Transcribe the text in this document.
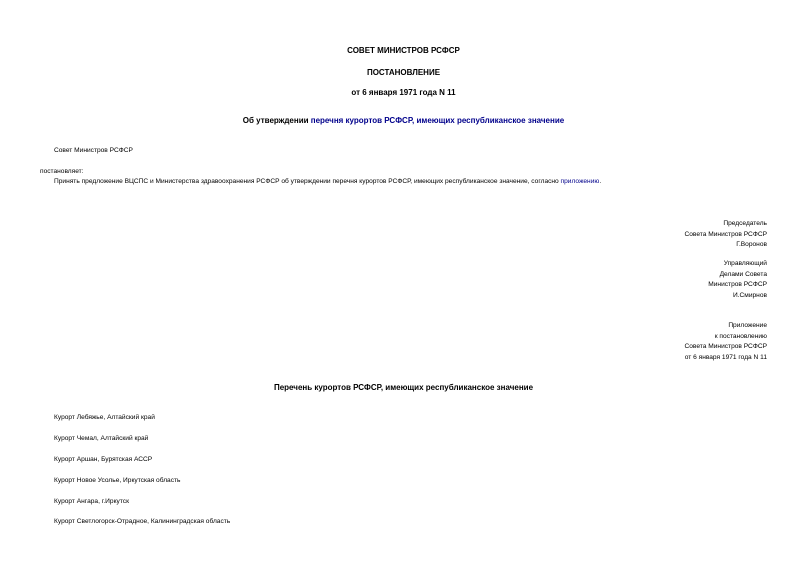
СОВЕТ МИНИСТРОВ РСФСР
ПОСТАНОВЛЕНИЕ
от 6 января 1971 года N 11
Об утверждении перечня курортов РСФСР, имеющих республиканское значение
Совет Министров РСФСР
постановляет:
Принять предложение ВЦСПС и Министерства здравоохранения РСФСР об утверждении перечня курортов РСФСР, имеющих республиканское значение, согласно приложению.
Председатель
Совета Министров РСФСР
Г.Воронов
Управляющий
Делами Совета
Министров РСФСР
И.Смирнов
Приложение
к постановлению
Совета Министров РСФСР
от 6 января 1971 года N 11
Перечень курортов РСФСР, имеющих республиканское значение
Курорт Лебяжье, Алтайский край
Курорт Чемал, Алтайский край
Курорт Аршан, Бурятская АССР
Курорт Новое Усолье, Иркутская область
Курорт Ангара, г.Иркутск
Курорт Светлогорск-Отрадное, Калининградская область
